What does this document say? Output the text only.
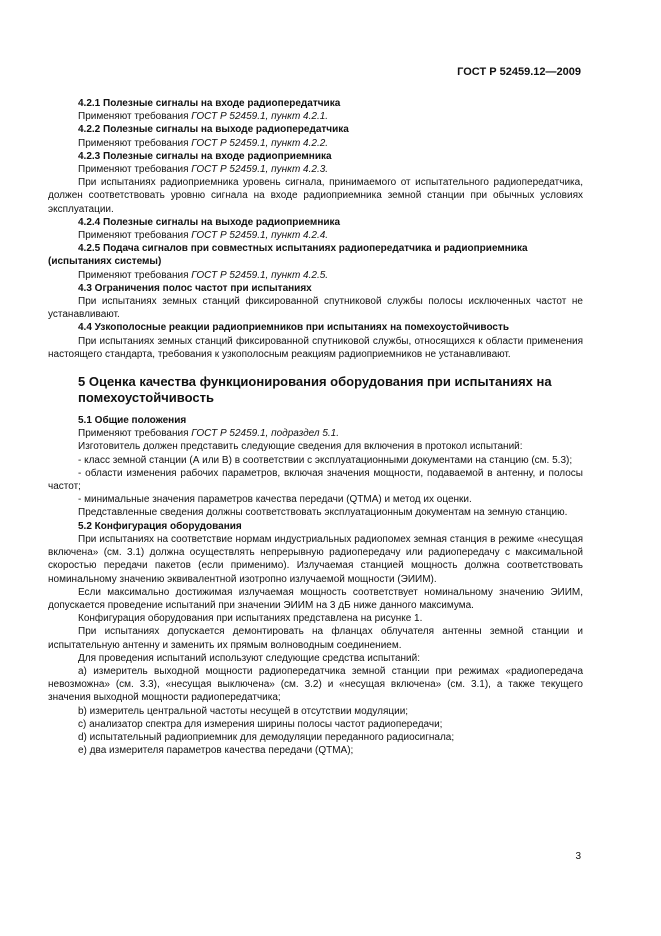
ГОСТ Р 52459.12—2009
4.2.1 Полезные сигналы на входе радиопередатчика
Применяют требования ГОСТ Р 52459.1, пункт 4.2.1.
4.2.2 Полезные сигналы на выходе радиопередатчика
Применяют требования ГОСТ Р 52459.1, пункт 4.2.2.
4.2.3 Полезные сигналы на входе радиоприемника
Применяют требования ГОСТ Р 52459.1, пункт 4.2.3.
При испытаниях радиоприемника уровень сигнала, принимаемого от испытательного радиопередатчика, должен соответствовать уровню сигнала на входе радиоприемника земной станции при обычных условиях эксплуатации.
4.2.4 Полезные сигналы на выходе радиоприемника
Применяют требования ГОСТ Р 52459.1, пункт 4.2.4.
4.2.5 Подача сигналов при совместных испытаниях радиопередатчика и радиоприемника (испытаниях системы)
Применяют требования ГОСТ Р 52459.1, пункт 4.2.5.
4.3 Ограничения полос частот при испытаниях
При испытаниях земных станций фиксированной спутниковой службы полосы исключенных частот не устанавливают.
4.4 Узкополосные реакции радиоприемников при испытаниях на помехоустойчивость
При испытаниях земных станций фиксированной спутниковой службы, относящихся к области применения настоящего стандарта, требования к узкополосным реакциям радиоприемников не устанавливают.
5 Оценка качества функционирования оборудования при испытаниях на помехоустойчивость
5.1 Общие положения
Применяют требования ГОСТ Р 52459.1, подраздел 5.1.
Изготовитель должен представить следующие сведения для включения в протокол испытаний:
- класс земной станции (А или В) в соответствии с эксплуатационными документами на станцию (см. 5.3);
- области изменения рабочих параметров, включая значения мощности, подаваемой в антенну, и полосы частот;
- минимальные значения параметров качества передачи (QTMA) и метод их оценки.
Представленные сведения должны соответствовать эксплуатационным документам на земную станцию.
5.2 Конфигурация оборудования
При испытаниях на соответствие нормам индустриальных радиопомех земная станция в режиме «несущая включена» (см. 3.1) должна осуществлять непрерывную радиопередачу или радиопередачу с максимальной скоростью передачи пакетов (если применимо). Излучаемая станцией мощность должна соответствовать номинальному значению эквивалентной изотропно излучаемой мощности (ЭИИМ).
Если максимально достижимая излучаемая мощность соответствует номинальному значению ЭИИМ, допускается проведение испытаний при значении ЭИИМ на 3 дБ ниже данного максимума.
Конфигурация оборудования при испытаниях представлена на рисунке 1.
При испытаниях допускается демонтировать на фланцах облучателя антенны земной станции и испытательную антенну и заменить их прямым волноводным соединением.
Для проведения испытаний используют следующие средства испытаний:
a) измеритель выходной мощности радиопередатчика земной станции при режимах «радиопередача невозможна» (см. 3.3), «несущая выключена» (см. 3.2) и «несущая включена» (см. 3.1), а также текущего значения выходной мощности радиопередатчика;
b) измеритель центральной частоты несущей в отсутствии модуляции;
c) анализатор спектра для измерения ширины полосы частот радиопередачи;
d) испытательный радиоприемник для демодуляции переданного радиосигнала;
e) два измерителя параметров качества передачи (QTMA);
3
